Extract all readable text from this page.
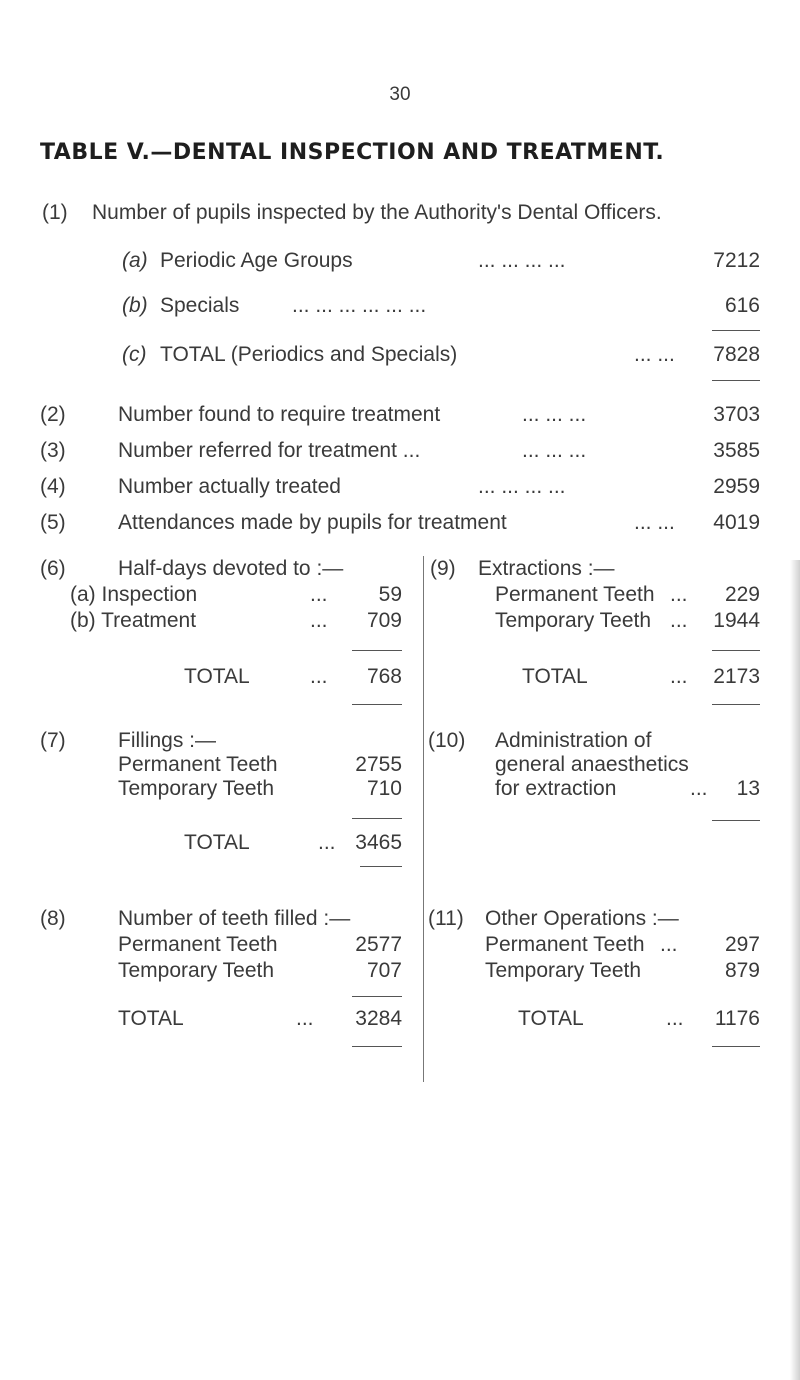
30
TABLE V.—DENTAL INSPECTION AND TREATMENT.
(1) Number of pupils inspected by the Authority's Dental Officers.
(a) Periodic Age Groups	... ... ... ...	7212
(b) Specials	... ... ... ... ... ...	616
(c) TOTAL (Periodics and Specials)	... ...	7828
(2) Number found to require treatment	... ... ...	3703
(3) Number referred for treatment ...	... ... ...	3585
(4) Number actually treated	... ... ... ...	2959
(5) Attendances made by pupils for treatment	... ...	4019
(6) Half-days devoted to :—
(a) Inspection	...	59
(b) Treatment	...	709
TOTAL	...	768
(7) Fillings :—
Permanent Teeth	2755
Temporary Teeth	710
TOTAL	... 3465
(8) Number of teeth filled :—
Permanent Teeth	2577
Temporary Teeth	707
TOTAL	...	3284
(9) Extractions :—
Permanent Teeth ...	229
Temporary Teeth ...	1944
TOTAL	...	2173
(10) Administration of
general anaesthetics
for extraction	...	13
(11) Other Operations :—
Permanent Teeth ...	297
Temporary Teeth	879
TOTAL	...	1176
